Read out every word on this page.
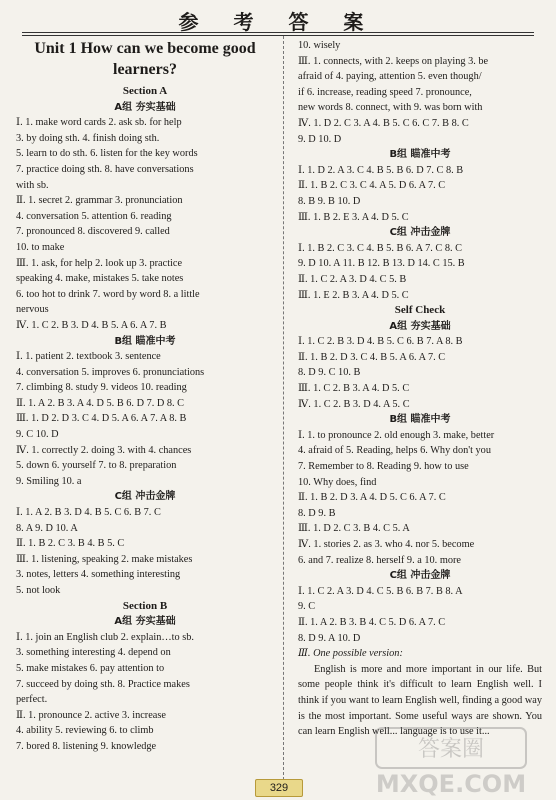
参 考 答 案
Unit 1 How can we become good learners?
Section A
A组 夯实基础
Ⅰ. 1. make word cards 2. ask sb. for help
3. by doing sth. 4. finish doing sth.
5. learn to do sth. 6. listen for the key words
7. practice doing sth. 8. have conversations
with sb.
Ⅱ. 1. secret 2. grammar 3. pronunciation
4. conversation 5. attention 6. reading
7. pronounced 8. discovered 9. called
10. to make
Ⅲ. 1. ask, for help 2. look up 3. practice
speaking 4. make, mistakes 5. take notes
6. too hot to drink 7. word by word 8. a little
nervous
Ⅳ. 1. C 2. B 3. D 4. B 5. A 6. A 7. B
B组 瞄准中考
Ⅰ. 1. patient 2. textbook 3. sentence
4. conversation 5. improves 6. pronunciations
7. climbing 8. study 9. videos 10. reading
Ⅱ. 1. A 2. B 3. A 4. D 5. B 6. D 7. D 8. C
Ⅲ. 1. D 2. D 3. C 4. D 5. A 6. A 7. A 8. B
9. C 10. D
Ⅳ. 1. correctly 2. doing 3. with 4. chances
5. down 6. yourself 7. to 8. preparation
9. Smiling 10. a
C组 冲击金牌
Ⅰ. 1. A 2. B 3. D 4. B 5. C 6. B 7. C
8. A 9. D 10. A
Ⅱ. 1. B 2. C 3. B 4. B 5. C
Ⅲ. 1. listening, speaking 2. make mistakes
3. notes, letters 4. something interesting
5. not look
Section B
A组 夯实基础
Ⅰ. 1. join an English club 2. explain…to sb.
3. something interesting 4. depend on
5. make mistakes 6. pay attention to
7. succeed by doing sth. 8. Practice makes
perfect.
Ⅱ. 1. pronounce 2. active 3. increase
4. ability 5. reviewing 6. to climb
7. bored 8. listening 9. knowledge
10. wisely
Ⅲ. 1. connects, with 2. keeps on playing 3. be
afraid of 4. paying, attention 5. even though/
if 6. increase, reading speed 7. pronounce,
new words 8. connect, with 9. was born with
Ⅳ. 1. D 2. C 3. A 4. B 5. C 6. C 7. B 8. C
9. D 10. D
B组 瞄准中考
Ⅰ. 1. D 2. A 3. C 4. B 5. B 6. D 7. C 8. B
Ⅱ. 1. B 2. C 3. C 4. A 5. D 6. A 7. C
8. B 9. B 10. D
Ⅲ. 1. B 2. E 3. A 4. D 5. C
C组 冲击金牌
Ⅰ. 1. B 2. C 3. C 4. B 5. B 6. A 7. C 8. C
9. D 10. A 11. B 12. B 13. D 14. C 15. B
Ⅱ. 1. C 2. A 3. D 4. C 5. B
Ⅲ. 1. E 2. B 3. A 4. D 5. C
Self Check
A组 夯实基础
Ⅰ. 1. C 2. B 3. D 4. B 5. C 6. B 7. A 8. B
Ⅱ. 1. B 2. D 3. C 4. B 5. A 6. A 7. C
8. D 9. C 10. B
Ⅲ. 1. C 2. B 3. A 4. D 5. C
Ⅳ. 1. C 2. B 3. D 4. A 5. C
B组 瞄准中考
Ⅰ. 1. to pronounce 2. old enough 3. make, better
4. afraid of 5. Reading, helps 6. Why don't you
7. Remember to 8. Reading 9. how to use
10. Why does, find
Ⅱ. 1. B 2. D 3. A 4. D 5. C 6. A 7. C
8. D 9. B
Ⅲ. 1. D 2. C 3. B 4. C 5. A
Ⅳ. 1. stories 2. as 3. who 4. nor 5. become
6. and 7. realize 8. herself 9. a 10. more
C组 冲击金牌
Ⅰ. 1. C 2. A 3. D 4. C 5. B 6. B 7. B 8. A
9. C
Ⅱ. 1. A 2. B 3. B 4. C 5. D 6. A 7. C
8. D 9. A 10. D
Ⅲ. One possible version:
English is more and more important in our life. But some people think it's difficult to learn English well. I think if you want to learn English well, finding a good way is the most important. Some useful ways are shown. You can learn English well... language is to use it...
答案圈
MXQE.COM
329
